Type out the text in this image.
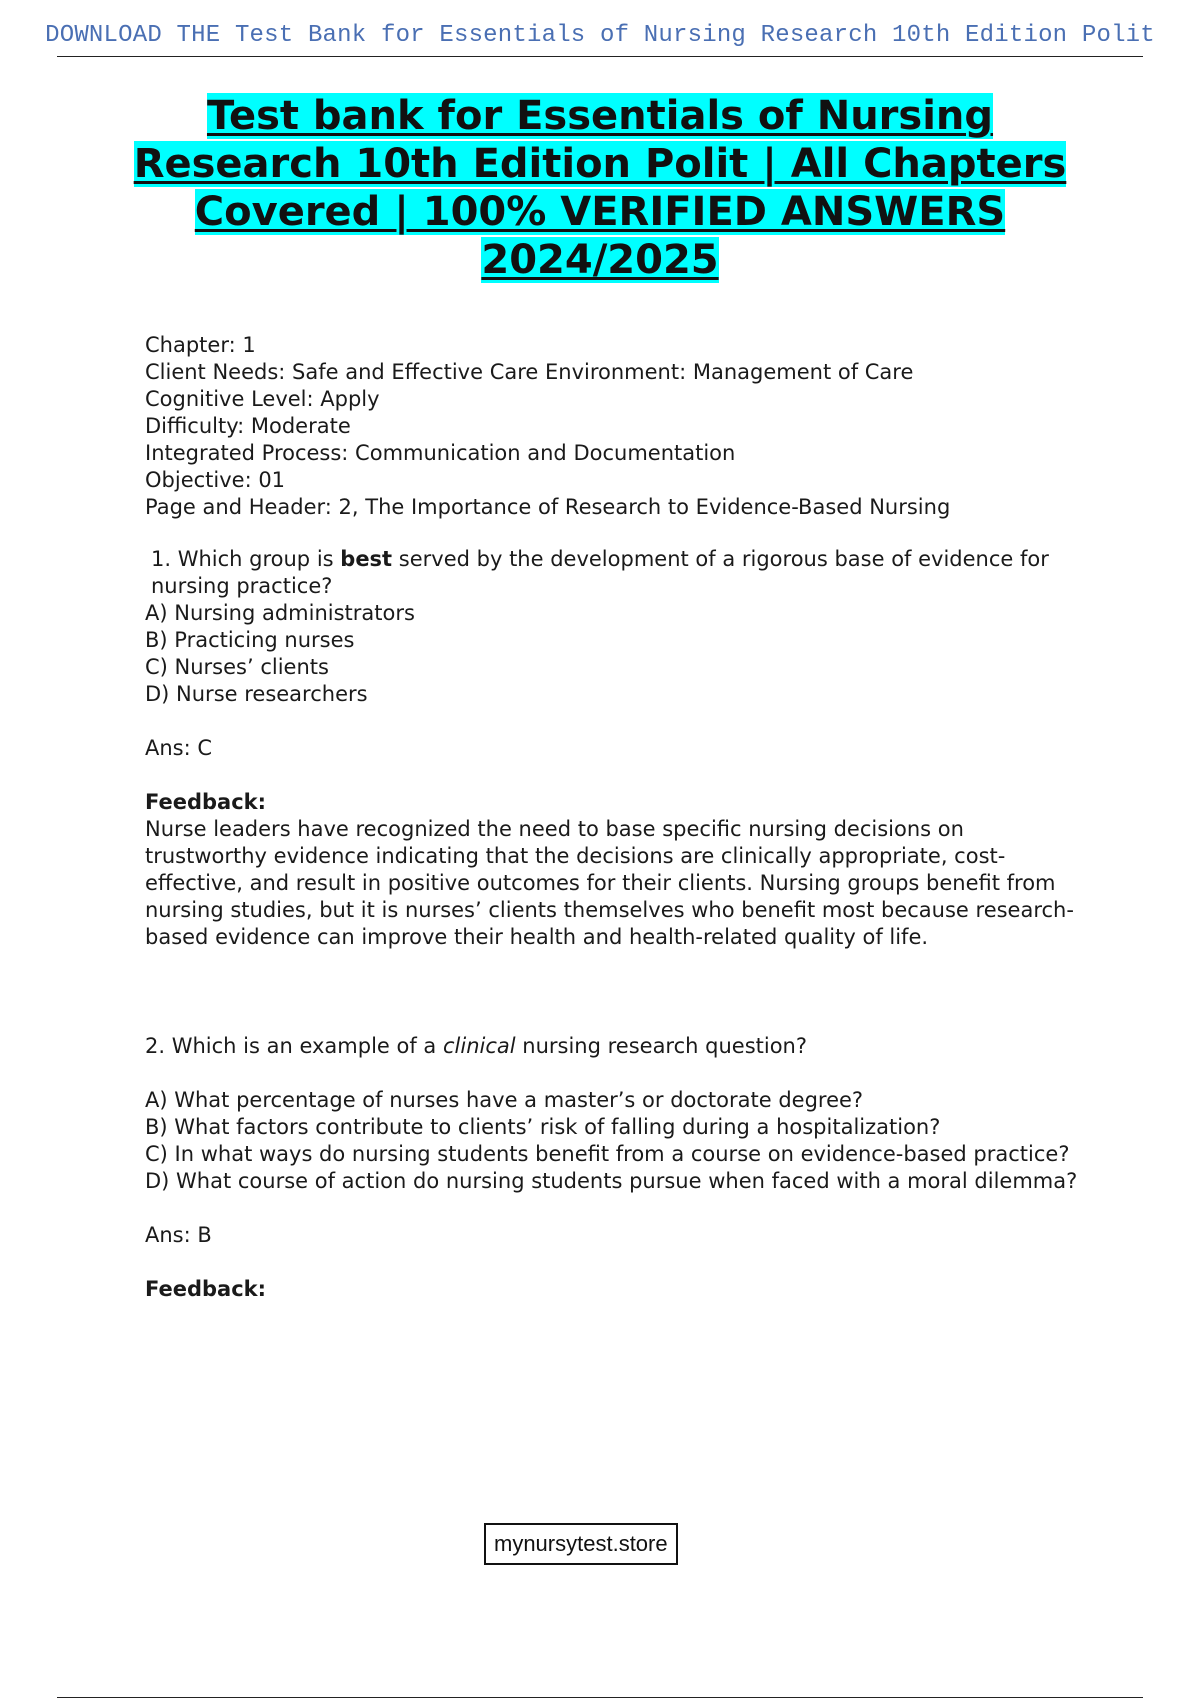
DOWNLOAD THE Test Bank for Essentials of Nursing Research 10th Edition Polit
Test bank for Essentials of Nursing
Research 10th Edition Polit | All Chapters
Covered | 100% VERIFIED ANSWERS
2024/2025

Chapter: 1

Client Needs: Safe and Effective Care Environment: Management of Care

Cognitive Level: Apply

Difficulty: Moderate

Integrated Process: Communication and Documentation

Objective: 01

Page and Header: 2, The Importance of Research to Evidence-Based Nursing

1. Which group is best served by the development of a rigorous base of evidence for nursing practice?

A) Nursing administrators

B) Practicing nurses

C) Nurses’ clients

D) Nurse researchers

Ans: C

Feedback:

Nurse leaders have recognized the need to base specific nursing decisions on trustworthy evidence indicating that the decisions are clinically appropriate, cost-effective, and result in positive outcomes for their clients. Nursing groups benefit from nursing studies, but it is nurses’ clients themselves who benefit most because research-based evidence can improve their health and health-related quality of life.

2. Which is an example of a clinical nursing research question?

A) What percentage of nurses have a master’s or doctorate degree?

B) What factors contribute to clients’ risk of falling during a hospitalization?

C) In what ways do nursing students benefit from a course on evidence-based practice?

D) What course of action do nursing students pursue when faced with a moral dilemma?

Ans: B

Feedback:

mynursytest.store
